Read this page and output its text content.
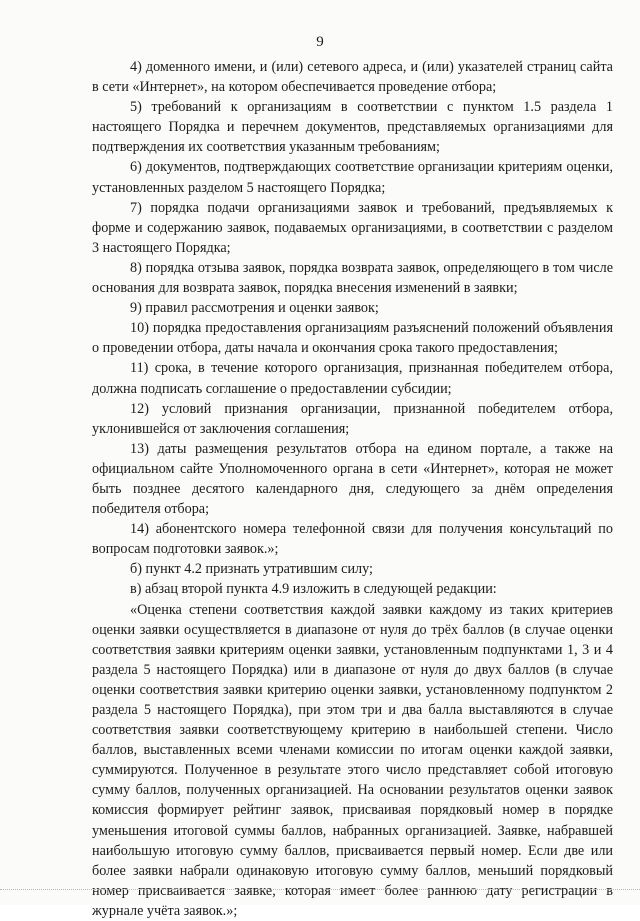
9

4) доменного имени, и (или) сетевого адреса, и (или) указателей страниц сайта в сети «Интернет», на котором обеспечивается проведение отбора;

5) требований к организациям в соответствии с пунктом 1.5 раздела 1 настоящего Порядка и перечнем документов, представляемых организациями для подтверждения их соответствия указанным требованиям;

6) документов, подтверждающих соответствие организации критериям оценки, установленных разделом 5 настоящего Порядка;

7) порядка подачи организациями заявок и требований, предъявляемых к форме и содержанию заявок, подаваемых организациями, в соответствии с разделом 3 настоящего Порядка;

8) порядка отзыва заявок, порядка возврата заявок, определяющего в том числе основания для возврата заявок, порядка внесения изменений в заявки;

9) правил рассмотрения и оценки заявок;

10) порядка предоставления организациям разъяснений положений объявления о проведении отбора, даты начала и окончания срока такого предоставления;

11) срока, в течение которого организация, признанная победителем отбора, должна подписать соглашение о предоставлении субсидии;

12) условий признания организации, признанной победителем отбора, уклонившейся от заключения соглашения;

13) даты размещения результатов отбора на едином портале, а также на официальном сайте Уполномоченного органа в сети «Интернет», которая не может быть позднее десятого календарного дня, следующего за днём определения победителя отбора;

14) абонентского номера телефонной связи для получения консультаций по вопросам подготовки заявок.»;

б) пункт 4.2 признать утратившим силу;

в) абзац второй пункта 4.9 изложить в следующей редакции:

«Оценка степени соответствия каждой заявки каждому из таких критериев оценки заявки осуществляется в диапазоне от нуля до трёх баллов (в случае оценки соответствия заявки критериям оценки заявки, установленным подпунктами 1, 3 и 4 раздела 5 настоящего Порядка) или в диапазоне от нуля до двух баллов (в случае оценки соответствия заявки критерию оценки заявки, установленному подпунктом 2 раздела 5 настоящего Порядка), при этом три и два балла выставляются в случае соответствия заявки соответствующему критерию в наибольшей степени. Число баллов, выставленных всеми членами комиссии по итогам оценки каждой заявки, суммируются. Полученное в результате этого число представляет собой итоговую сумму баллов, полученных организацией. На основании результатов оценки заявок комиссия формирует рейтинг заявок, присваивая порядковый номер в порядке уменьшения итоговой суммы баллов, набранных организацией. Заявке, набравшей наибольшую итоговую сумму баллов, присваивается первый номер. Если две или более заявки набрали одинаковую итоговую сумму баллов, меньший порядковый номер присваивается заявке, которая имеет более раннюю дату регистрации в журнале учёта заявок.»;
